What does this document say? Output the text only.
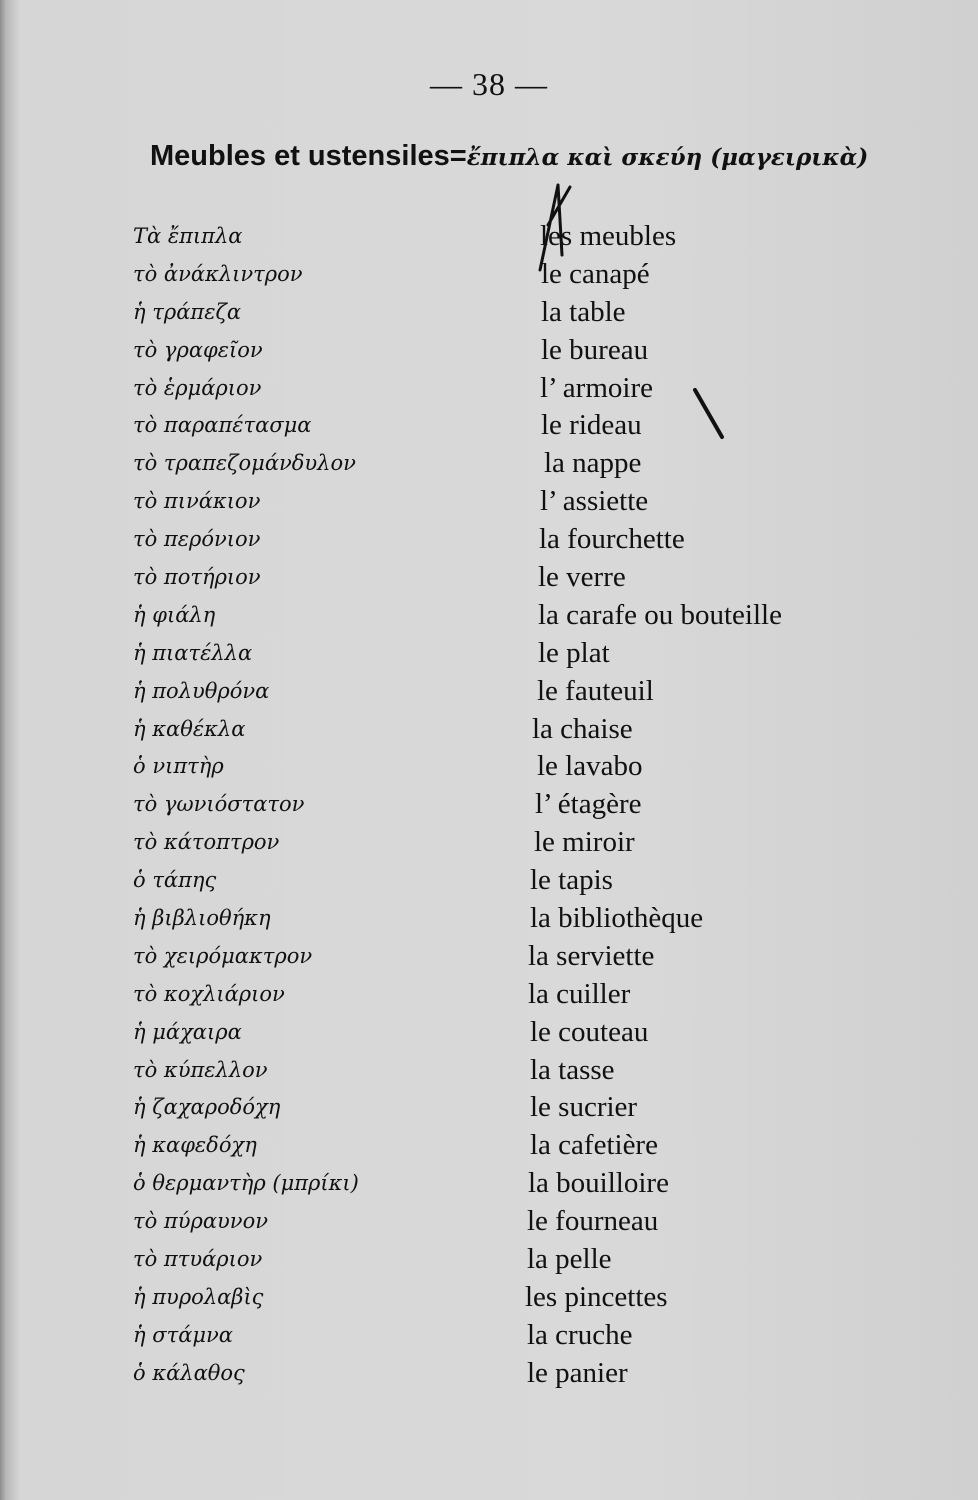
— 38 —
Meubles et ustensiles=ἔπιπλα καὶ σκεύη (μαγειρικὰ)
Τὰ ἔπιπλα	les meubles
τὸ ἀνάκλιντρον	le canapé
ἡ τράπεζα	la table
τὸ γραφεῖον	le bureau
τὸ ἑρμάριον	l’ armoire
τὸ παραπέτασμα	le rideau
τὸ τραπεζομάνδυλον	la nappe
τὸ πινάκιον	l’ assiette
τὸ περόνιον	la fourchette
τὸ ποτήριον	le verre
ἡ φιάλη	la carafe ou bouteille
ἡ πιατέλλα	le plat
ἡ πολυθρόνα	le fauteuil
ἡ καθέκλα	la chaise
ὁ νιπτὴρ	le lavabo
τὸ γωνιόστατον	l’ étagère
τὸ κάτοπτρον	le miroir
ὁ τάπης	le tapis
ἡ βιβλιοθήκη	la bibliothèque
τὸ χειρόμακτρον	la serviette
τὸ κοχλιάριον	la cuiller
ἡ μάχαιρα	le couteau
τὸ κύπελλον	la tasse
ἡ ζαχαροδόχη	le sucrier
ἡ καφεδόχη	la cafetière
ὁ θερμαντὴρ (μπρίκι)	la bouilloire
τὸ πύραυνον	le fourneau
τὸ πτυάριον	la pelle
ἡ πυρολαβὶς	les pincettes
ἡ στάμνα	la cruche
ὁ κάλαθος	le panier
